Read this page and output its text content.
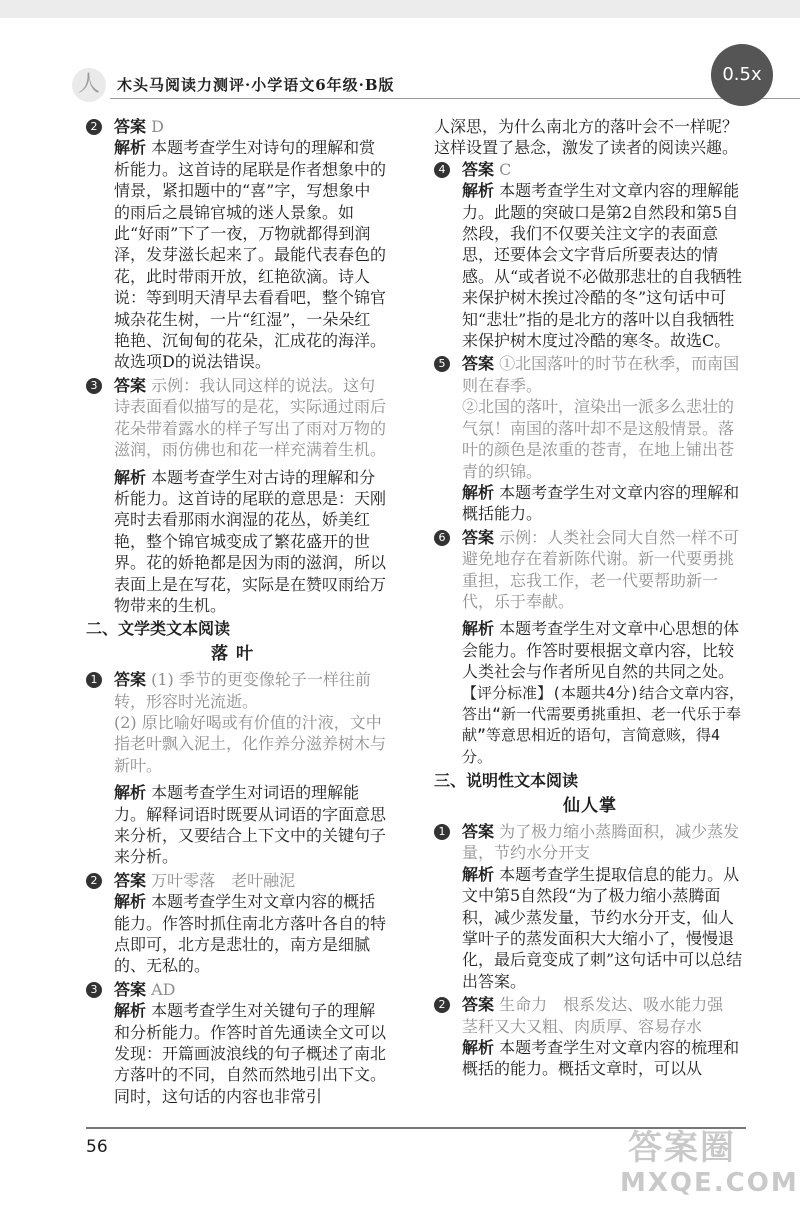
人	木头马阅读力测评·小学语文6年级·B版	0.5x
2 答案 D

解析 本题考查学生对诗句的理解和赏析能力。这首诗的尾联是作者想象中的情景，紧扣题中的“喜”字，写想象中的雨后之晨锦官城的迷人景象。如此“好雨”下了一夜，万物就都得到润泽，发芽滋长起来了。最能代表春色的花，此时带雨开放，红艳欲滴。诗人说：等到明天清早去看看吧，整个锦官城杂花生树，一片“红湿”，一朵朵红艳艳、沉甸甸的花朵，汇成花的海洋。故选项D的说法错误。

3 答案 示例：我认同这样的说法。这句诗表面看似描写的是花，实际通过雨后花朵带着露水的样子写出了雨对万物的滋润，雨仿佛也和花一样充满着生机。

解析 本题考查学生对古诗的理解和分析能力。这首诗的尾联的意思是：天刚亮时去看那雨水润湿的花丛，娇美红艳，整个锦官城变成了繁花盛开的世界。花的娇艳都是因为雨的滋润，所以表面上是在写花，实际是在赞叹雨给万物带来的生机。

二、文学类文本阅读
落叶
1 答案 (1) 季节的更变像轮子一样往前转，形容时光流逝。

(2) 原比喻好喝或有价值的汁液，文中指老叶飘入泥土，化作养分滋养树木与新叶。

解析 本题考查学生对词语的理解能力。解释词语时既要从词语的字面意思来分析，又要结合上下文中的关键句子来分析。

2 答案 万叶零落　老叶融泥

解析 本题考查学生对文章内容的概括能力。作答时抓住南北方落叶各自的特点即可，北方是悲壮的，南方是细腻的、无私的。

3 答案 AD

解析 本题考查学生对关键句子的理解和分析能力。作答时首先通读全文可以发现：开篇画波浪线的句子概述了南北方落叶的不同，自然而然地引出下文。同时，这句话的内容也非常引

人深思，为什么南北方的落叶会不一样呢？这样设置了悬念，激发了读者的阅读兴趣。

4 答案 C

解析 本题考查学生对文章内容的理解能力。此题的突破口是第2自然段和第5自然段，我们不仅要关注文字的表面意思，还要体会文字背后所要表达的情感。从“或者说不必做那悲壮的自我牺牲来保护树木挨过冷酷的冬”这句话中可知“悲壮”指的是北方的落叶以自我牺牲来保护树木度过冷酷的寒冬。故选C。

5 答案 ①北国落叶的时节在秋季，而南国则在春季。

②北国的落叶，渲染出一派多么悲壮的气氛！南国的落叶却不是这般情景。落叶的颜色是浓重的苍青，在地上铺出苍青的织锦。

解析 本题考查学生对文章内容的理解和概括能力。

6 答案 示例：人类社会同大自然一样不可避免地存在着新陈代谢。新一代要勇挑重担，忘我工作，老一代要帮助新一代，乐于奉献。

解析 本题考查学生对文章中心思想的体会能力。作答时要根据文章内容，比较人类社会与作者所见自然的共同之处。

【评分标准】(本题共4分)结合文章内容，答出“新一代需要勇挑重担、老一代乐于奉献”等意思相近的语句，言简意赅，得4分。

三、说明性文本阅读
仙人掌
1 答案 为了极力缩小蒸腾面积，减少蒸发量，节约水分开支

解析 本题考查学生提取信息的能力。从文中第5自然段“为了极力缩小蒸腾面积，减少蒸发量，节约水分开支，仙人掌叶子的蒸发面积大大缩小了，慢慢退化，最后竟变成了刺”这句话中可以总结出答案。

2 答案 生命力　根系发达、吸水能力强　茎秆又大又粗、肉质厚、容易存水

解析 本题考查学生对文章内容的梳理和概括的能力。概括文章时，可以从

56	答案圈
MXQE.COM
